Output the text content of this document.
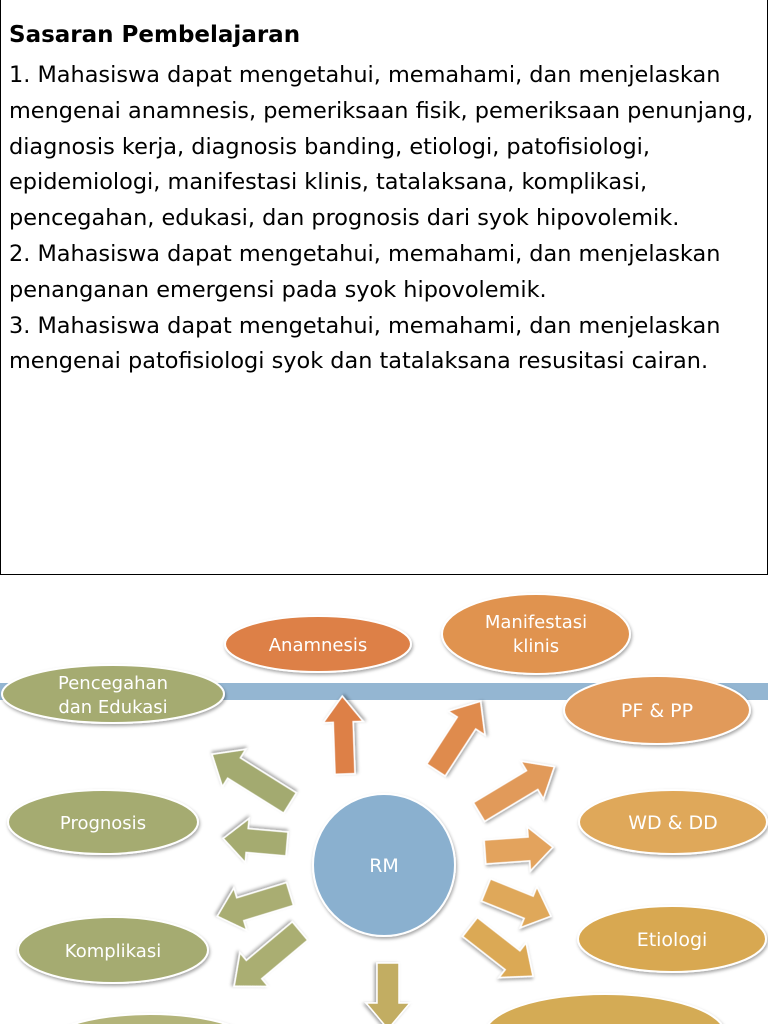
Sasaran Pembelajaran

1. Mahasiswa dapat mengetahui, memahami, dan menjelaskan mengenai anamnesis, pemeriksaan fisik, pemeriksaan penunjang, diagnosis kerja, diagnosis banding, etiologi, patofisiologi, epidemiologi, manifestasi klinis, tatalaksana, komplikasi, pencegahan, edukasi, dan prognosis dari syok hipovolemik.

2. Mahasiswa dapat mengetahui, memahami, dan menjelaskan penanganan emergensi pada syok hipovolemik.

3. Mahasiswa dapat mengetahui, memahami, dan menjelaskan mengenai patofisiologi syok dan tatalaksana resusitasi cairan.

RM
Anamnesis
Manifestasi
klinis
Pencegahan
dan Edukasi	PF & PP
Prognosis	WD & DD
Komplikasi
Etiologi
